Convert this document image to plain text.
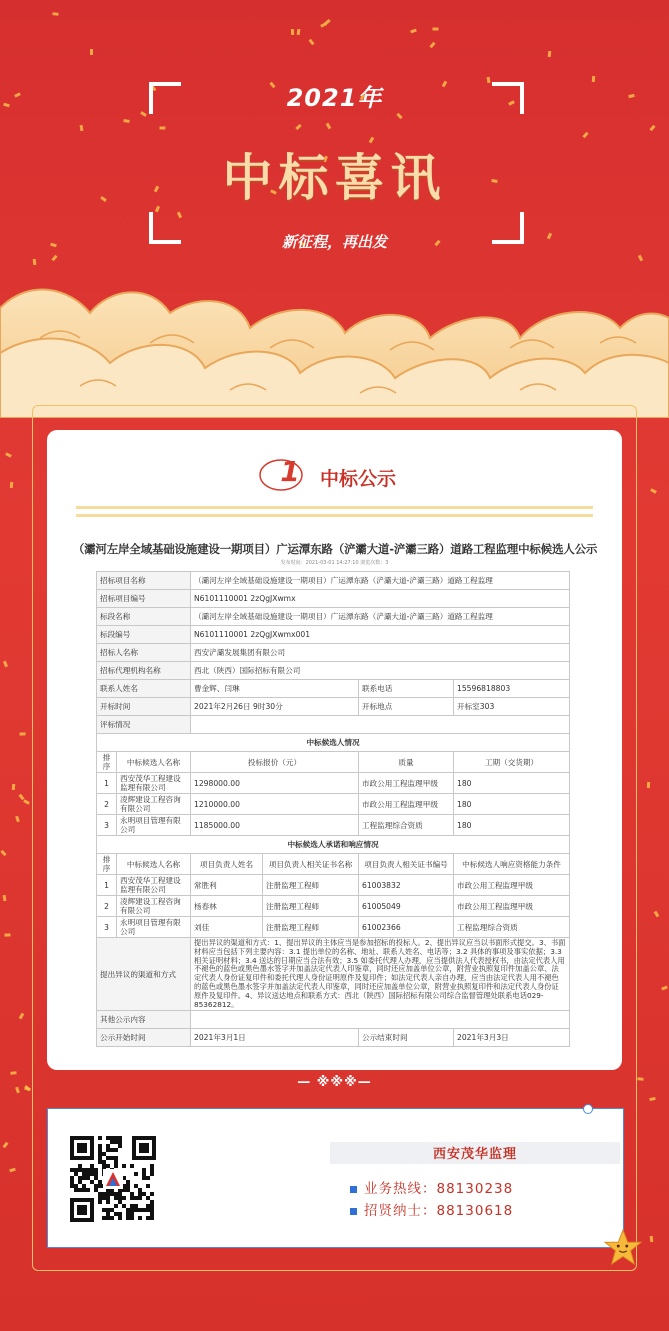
2021年
中标喜讯
新征程，再出发
1	中标公示
（灞河左岸全域基础设施建设一期项目）广运潭东路（浐灞大道-浐灞三路）道路工程监理中标候选人公示
发布时间：2021-03-01 14:27:10 浏览次数：3
招标项目名称		（灞河左岸全域基础设施建设一期项目）广运潭东路（浐灞大道-浐灞三路）道路工程监理			
招标项目编号		N6101110001 2zQgJXwmx			
标段名称		（灞河左岸全域基础设施建设一期项目）广运潭东路（浐灞大道-浐灞三路）道路工程监理			
标段编号		N6101110001 2zQgJXwmx001			
招标人名称		西安浐灞发展集团有限公司			
招标代理机构名称		西北（陕西）国际招标有限公司			
联系人姓名		曹金辉、闫琳		联系电话	15596818803
开标时间		2021年2月26日 9时30分		开标地点	开标室303
评标情况					
中标候选人情况					
排序	中标候选人名称	投标报价（元）		质量	工期（交货期）
1	西安茂华工程建设监理有限公司	1298000.00		市政公用工程监理甲级	180
2	凌辉建设工程咨询有限公司	1210000.00		市政公用工程监理甲级	180
3	永明项目管理有限公司	1185000.00		工程监理综合资质	180
中标候选人承诺和响应情况					
排序	中标候选人名称	项目负责人姓名	项目负责人相关证书名称	项目负责人相关证书编号	中标候选人响应资格能力条件
1	西安茂华工程建设监理有限公司	常胜利	注册监理工程师	61003832	市政公用工程监理甲级
2	凌辉建设工程咨询有限公司	杨春林	注册监理工程师	61005049	市政公用工程监理甲级
3	永明项目管理有限公司	刘佳	注册监理工程师	61002366	工程监理综合资质
提出异议的渠道和方式		提出异议的渠道和方式：1、提出异议的主体应当是参加招标的投标人。2、提出异议应当以书面形式提交。3、书面材料应当包括下列主要内容：3.1 提出单位的名称、地址、联系人姓名、电话等；3.2 具体的事项及事实依据；3.3 相关证明材料；3.4 送达的日期应当合法有效；3.5 如委托代理人办理，应当提供法人代表授权书，由法定代表人用不褪色的蓝色或黑色墨水签字并加盖法定代表人印鉴章，同时还应加盖单位公章，附营业执照复印件加盖公章、法定代表人身份证复印件和委托代理人身份证明原件及复印件；如法定代表人亲自办理，应当由法定代表人用不褪色的蓝色或黑色墨水签字并加盖法定代表人印鉴章，同时还应加盖单位公章，附营业执照复印件和法定代表人身份证原件及复印件。4、异议送达地点和联系方式：西北（陕西）国际招标有限公司综合监督管理处联系电话029-85362812。			
其他公示内容					
公示开始时间		2021年3月1日		公示结束时间	2021年3月3日
— ※※※—
西安茂华监理
业务热线：88130238
招贤纳士：88130618
